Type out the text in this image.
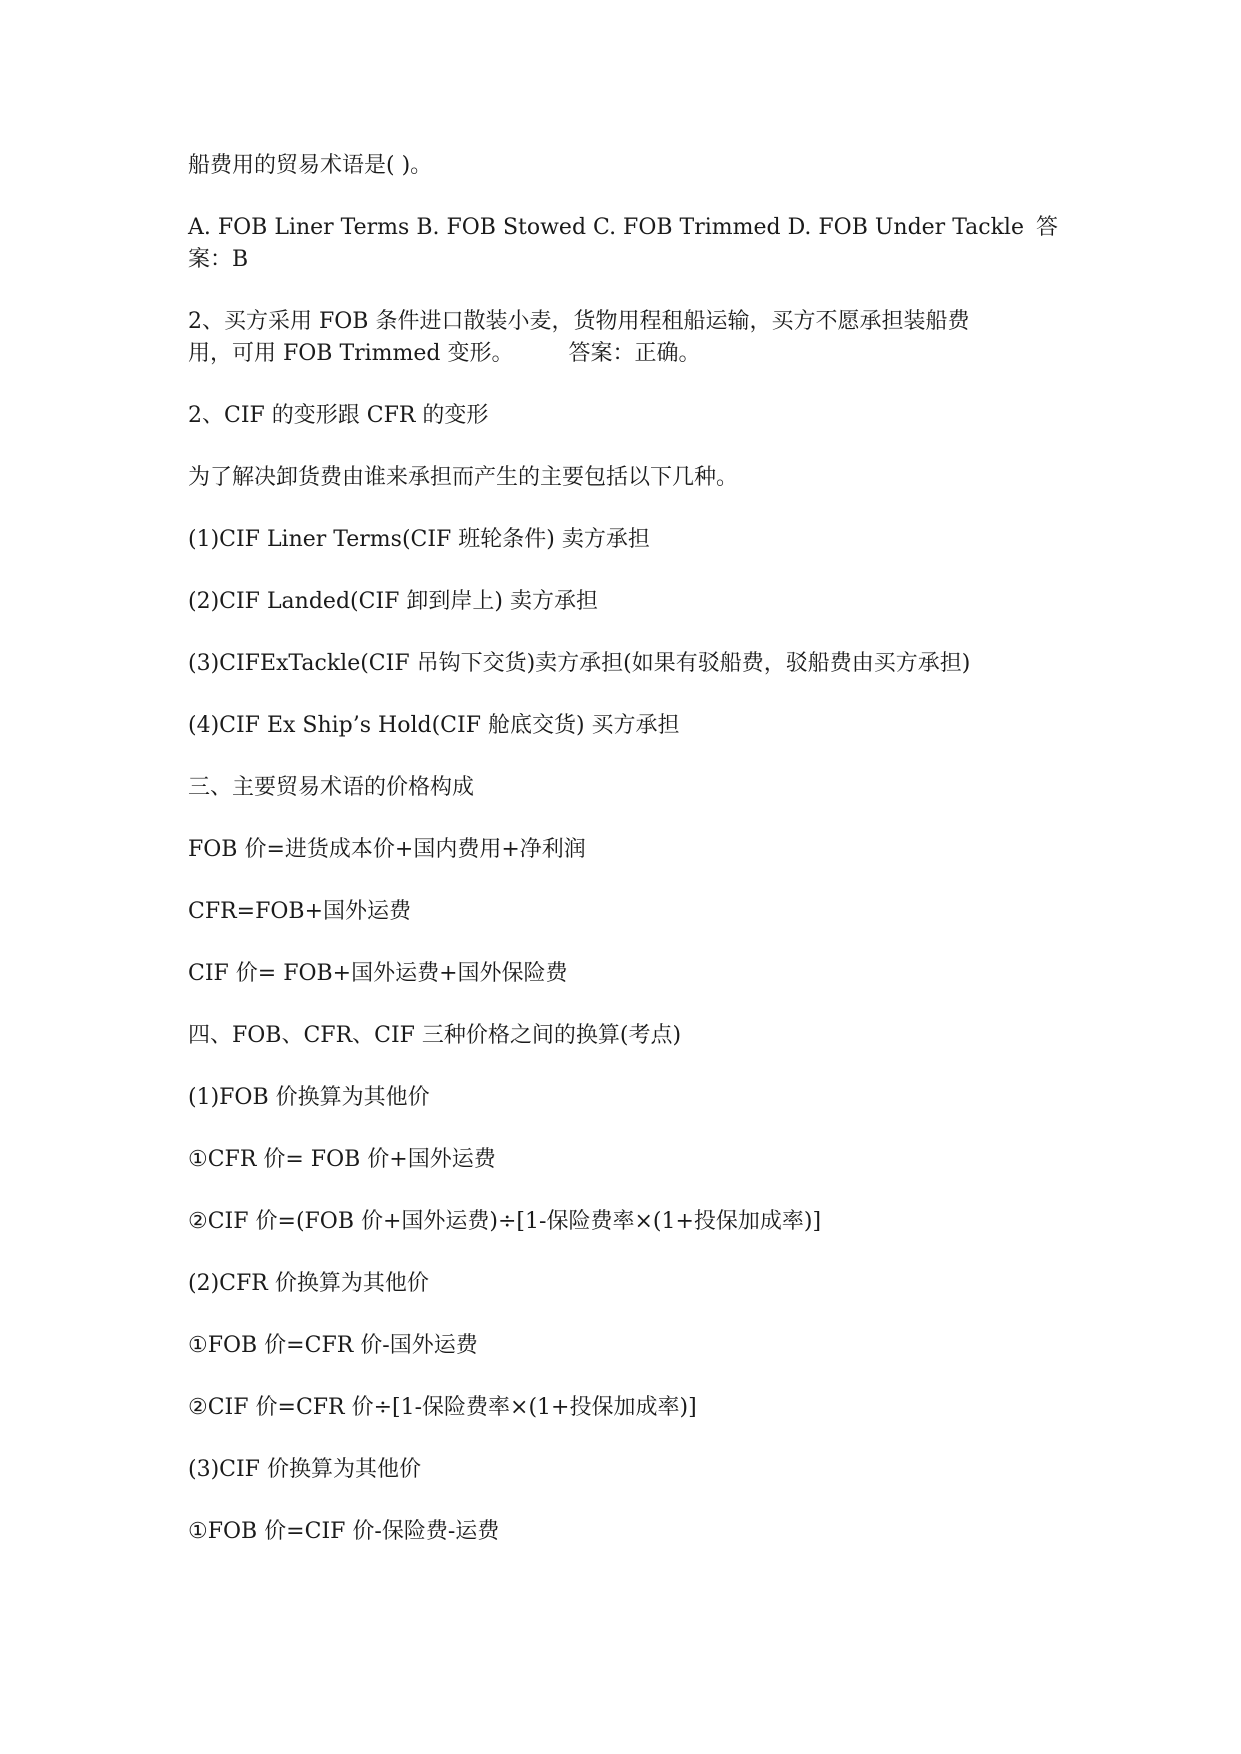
船费用的贸易术语是( )。
A. FOB Liner Terms B. FOB Stowed C. FOB Trimmed D. FOB Under Tackle 答
案：B
2、买方采用 FOB 条件进口散装小麦，货物用程租船运输，买方不愿承担装船费
用，可用 FOB Trimmed 变形。　　　答案：正确。
2、CIF 的变形跟 CFR 的变形
为了解决卸货费由谁来承担而产生的主要包括以下几种。
(1)CIF Liner Terms(CIF 班轮条件) 卖方承担
(2)CIF Landed(CIF 卸到岸上) 卖方承担
(3)CIFExTackle(CIF 吊钩下交货)卖方承担(如果有驳船费，驳船费由买方承担)
(4)CIF Ex Ship’s Hold(CIF 舱底交货) 买方承担
三、主要贸易术语的价格构成
FOB 价=进货成本价+国内费用+净利润
CFR=FOB+国外运费
CIF 价= FOB+国外运费+国外保险费
四、FOB、CFR、CIF 三种价格之间的换算(考点)
(1)FOB 价换算为其他价
①CFR 价= FOB 价+国外运费
②CIF 价=(FOB 价+国外运费)÷[1-保险费率×(1+投保加成率)]
(2)CFR 价换算为其他价
①FOB 价=CFR 价-国外运费
②CIF 价=CFR 价÷[1-保险费率×(1+投保加成率)]
(3)CIF 价换算为其他价
①FOB 价=CIF 价-保险费-运费
